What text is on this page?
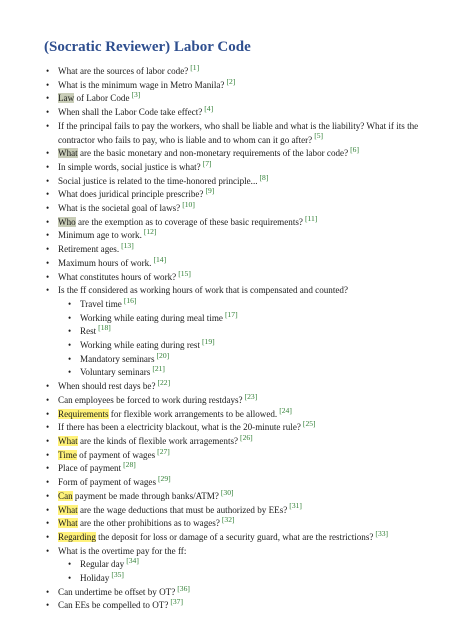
(Socratic Reviewer) Labor Code
• What are the sources of labor code? [1]
• What is the minimum wage in Metro Manila? [2]
• Law of Labor Code [3]
• When shall the Labor Code take effect? [4]
• If the principal fails to pay the workers, who shall be liable and what is the liability? What if its the contractor who fails to pay, who is liable and to whom can it go after? [5]
• What are the basic monetary and non-monetary requirements of the labor code? [6]
• In simple words, social justice is what? [7]
• Social justice is related to the time-honored principle... [8]
• What does juridical principle prescribe? [9]
• What is the societal goal of laws? [10]
• Who are the exemption as to coverage of these basic requirements? [11]
• Minimum age to work. [12]
• Retirement ages. [13]
• Maximum hours of work. [14]
• What constitutes hours of work? [15]
• Is the ff considered as working hours of work that is compensated and counted?
• Travel time [16]
• Working while eating during meal time [17]
• Rest [18]
• Working while eating during rest [19]
• Mandatory seminars [20]
• Voluntary seminars [21]
• When should rest days be? [22]
• Can employees be forced to work during restdays? [23]
• Requirements for flexible work arrangements to be allowed. [24]
• If there has been a electricity blackout, what is the 20-minute rule? [25]
• What are the kinds of flexible work arragements? [26]
• Time of payment of wages [27]
• Place of payment [28]
• Form of payment of wages [29]
• Can payment be made through banks/ATM? [30]
• What are the wage deductions that must be authorized by EEs? [31]
• What are the other prohibitions as to wages? [32]
• Regarding the deposit for loss or damage of a security guard, what are the restrictions? [33]
• What is the overtime pay for the ff:
• Regular day [34]
• Holiday [35]
• Can undertime be offset by OT? [36]
• Can EEs be compelled to OT? [37]
